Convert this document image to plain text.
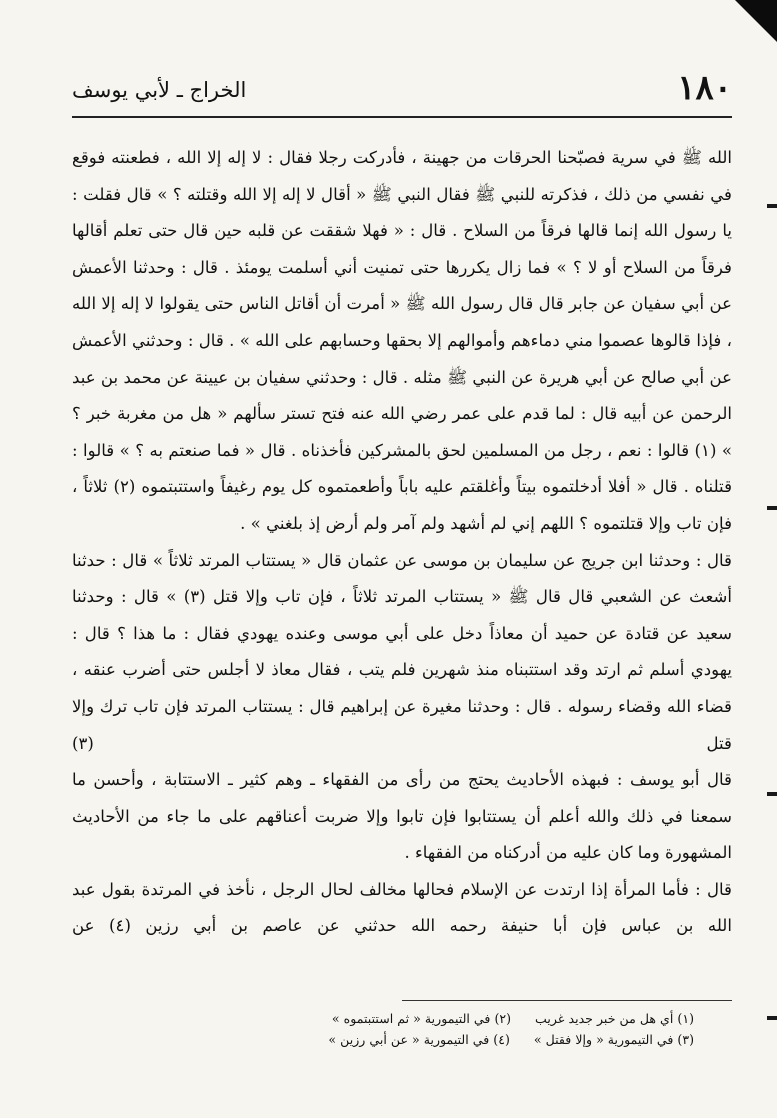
١٨٠
الخراج ـ لأبي يوسف

الله ﷺ في سرية فصبّحنا الحرقات من جهينة ، فأدركت رجلا فقال : لا إله إلا الله ، فطعنته فوقع في نفسي من ذلك ، فذكرته للنبي ﷺ فقال النبي ﷺ « أقال لا إله إلا الله وقتلته ؟ » قال فقلت : يا رسول الله إنما قالها فرقاً من السلاح . قال : « فهلا شققت عن قلبه حين قال حتى تعلم أقالها فرقاً من السلاح أو لا ؟ » فما زال يكررها حتى تمنيت أني أسلمت يومئذ . قال : وحدثنا الأعمش عن أبي سفيان عن جابر قال قال رسول الله ﷺ « أمرت أن أقاتل الناس حتى يقولوا لا إله إلا الله ، فإذا قالوها عصموا مني دماءهم وأموالهم إلا بحقها وحسابهم على الله » . قال : وحدثني الأعمش عن أبي صالح عن أبي هريرة عن النبي ﷺ مثله . قال : وحدثني سفيان بن عيينة عن محمد بن عبد الرحمن عن أبيه قال : لما قدم على عمر رضي الله عنه فتح تستر سألهم « هل من مغربة خبر ؟ » (١) قالوا : نعم ، رجل من المسلمين لحق بالمشركين فأخذناه . قال « فما صنعتم به ؟ » قالوا : قتلناه . قال « أفلا أدخلتموه بيتاً وأغلقتم عليه باباً وأطعمتموه كل يوم رغيفاً واستتبتموه (٢) ثلاثاً ، فإن تاب وإلا قتلتموه ؟ اللهم إني لم أشهد ولم آمر ولم أرض إذ بلغني » .

قال : وحدثنا ابن جريج عن سليمان بن موسى عن عثمان قال « يستتاب المرتد ثلاثاً » قال : حدثنا أشعث عن الشعبي قال قال ﷺ « يستتاب المرتد ثلاثاً ، فإن تاب وإلا قتل (٣) » قال : وحدثنا سعيد عن قتادة عن حميد أن معاذاً دخل على أبي موسى وعنده يهودي فقال : ما هذا ؟ قال : يهودي أسلم ثم ارتد وقد استتبناه منذ شهرين فلم يتب ، فقال معاذ لا أجلس حتى أضرب عنقه ، قضاء الله وقضاء رسوله . قال : وحدثنا مغيرة عن إبراهيم قال : يستتاب المرتد فإن تاب ترك وإلا قتل (٣)

قال أبو يوسف : فبهذه الأحاديث يحتج من رأى من الفقهاء ـ وهم كثير ـ الاستتابة ، وأحسن ما سمعنا في ذلك والله أعلم أن يستتابوا فإن تابوا وإلا ضربت أعناقهم على ما جاء من الأحاديث المشهورة وما كان عليه من أدركناه من الفقهاء .

قال : فأما المرأة إذا ارتدت عن الإسلام فحالها مخالف لحال الرجل ، نأخذ في المرتدة بقول عبد الله بن عباس فإن أبا حنيفة رحمه الله حدثني عن عاصم بن أبي رزين (٤) عن

(١) أي هل من خبر جديد غريب
(٢) في التيمورية « ثم استتبتموه »
(٣) في التيمورية « وإلا فقتل »
(٤) في التيمورية « عن أبي رزين »
